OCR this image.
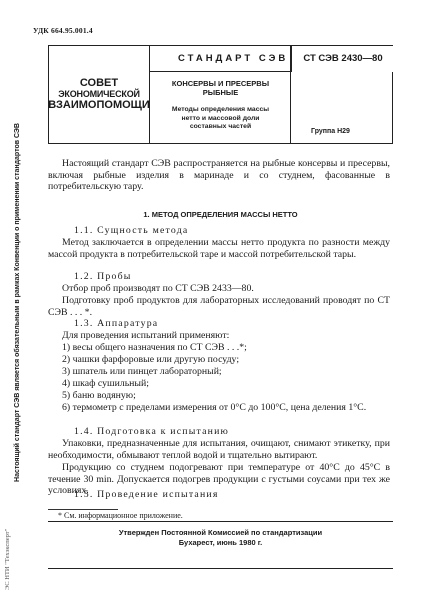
УДК 664.95.001.4
СОВЕТ
ЭКОНОМИЧЕСКОЙ
ВЗАИМОПОМОЩИ
СТАНДАРТ СЭВ	СТ СЭВ 2430—80
КОНСЕРВЫ И ПРЕСЕРВЫ
РЫБНЫЕ
Методы определения массы
нетто и массовой доли
составных частей
Группа Н29
Настоящий стандарт СЭВ является обязательным в рамках Конвенции о применении стандартов СЭВ
ЭС НТИ "Техэксперт"

Настоящий стандарт СЭВ распространяется на рыбные консервы и пресервы, включая рыбные изделия в маринаде и со студнем, фасованные в потребительскую тару.

1. МЕТОД ОПРЕДЕЛЕНИЯ МАССЫ НЕТТО

1.1. Сущность метода

Метод заключается в определении массы нетто продукта по разности между массой продукта в потребительской таре и массой потребительской тары.

1.2. Пробы

Отбор проб производят по СТ СЭВ 2433—80.

Подготовку проб продуктов для лабораторных исследований проводят по СТ СЭВ . . . *.

1.3. Аппаратура

Для проведения испытаний применяют:

1) весы общего назначения по СТ СЭВ . . .*;

2) чашки фарфоровые или другую посуду;

3) шпатель или пинцет лабораторный;

4) шкаф сушильный;

5) баню водяную;

6) термометр с пределами измерения от 0°С до 100°С, цена деления 1°С.

1.4. Подготовка к испытанию

Упаковки, предназначенные для испытания, очищают, снимают этикетку, при необходимости, обмывают теплой водой и тщательно вытирают.

Продукцию со студнем подогревают при температуре от 40°С до 45°С в течение 30 min. Допускается подогрев продукции с густыми соусами при тех же условиях.

1.5. Проведение испытания

* См. информационное приложение.
Утвержден Постоянной Комиссией по стандартизации
Бухарест, июнь 1980 г.
